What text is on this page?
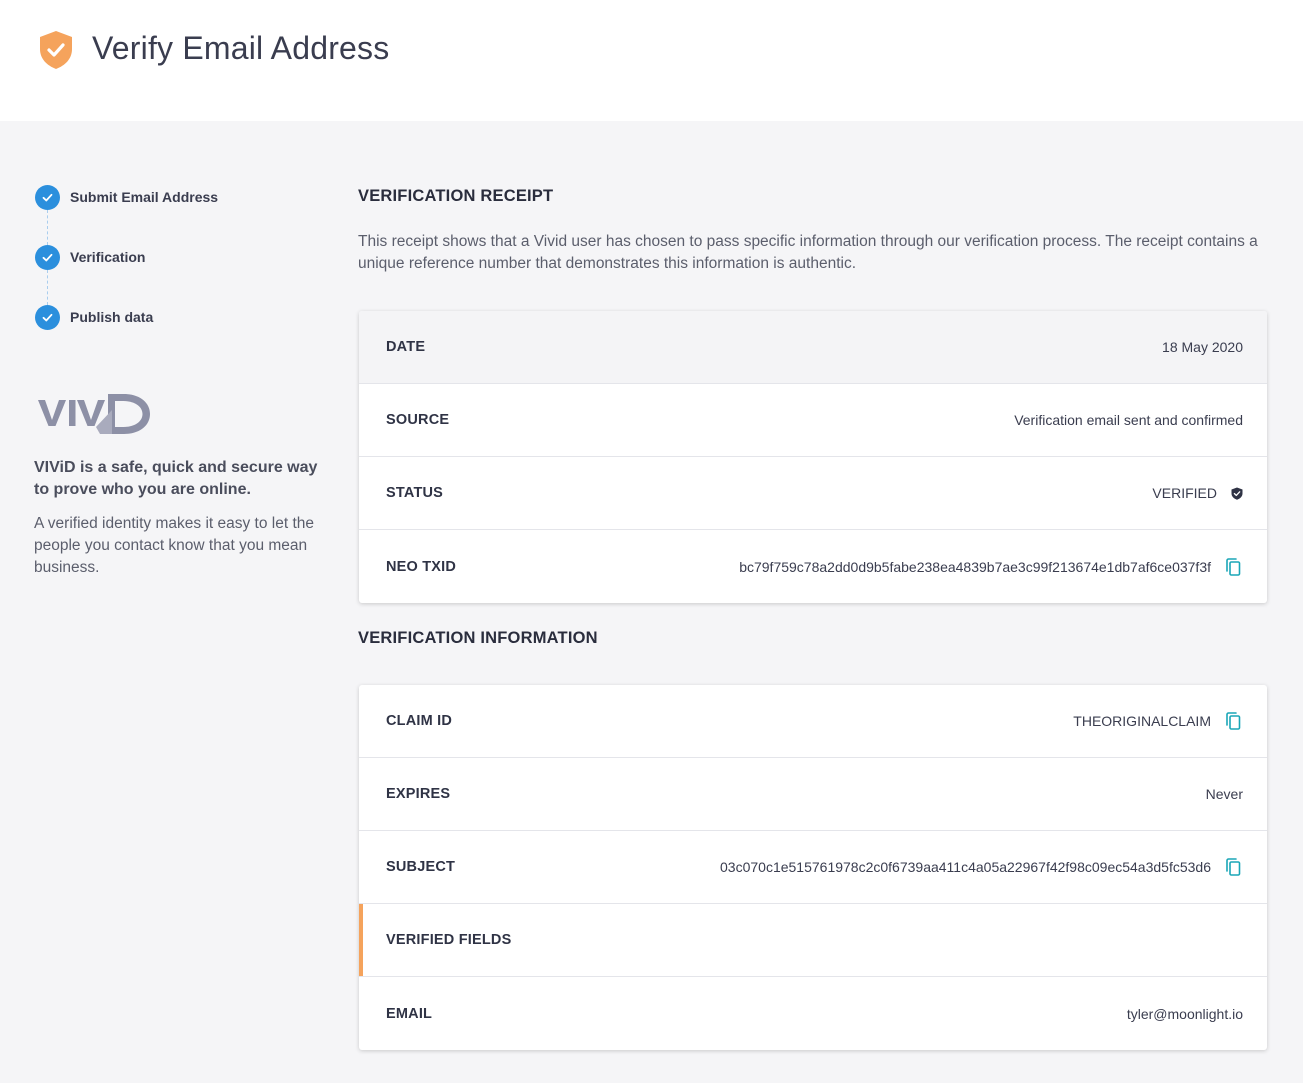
Verify Email Address
Submit Email Address
Verification
Publish data
VIViD is a safe, quick and secure way to prove who you are online.
A verified identity makes it easy to let the people you contact know that you mean business.
VERIFICATION RECEIPT
This receipt shows that a Vivid user has chosen to pass specific information through our verification process. The receipt contains a unique reference number that demonstrates this information is authentic.
DATE	18 May 2020
SOURCE	Verification email sent and confirmed
STATUS	VERIFIED
NEO TXID	bc79f759c78a2dd0d9b5fabe238ea4839b7ae3c99f213674e1db7af6ce037f3f
VERIFICATION INFORMATION
CLAIM ID	THEORIGINALCLAIM
EXPIRES	Never
SUBJECT	03c070c1e515761978c2c0f6739aa411c4a05a22967f42f98c09ec54a3d5fc53d6
VERIFIED FIELDS
EMAIL	tyler@moonlight.io
